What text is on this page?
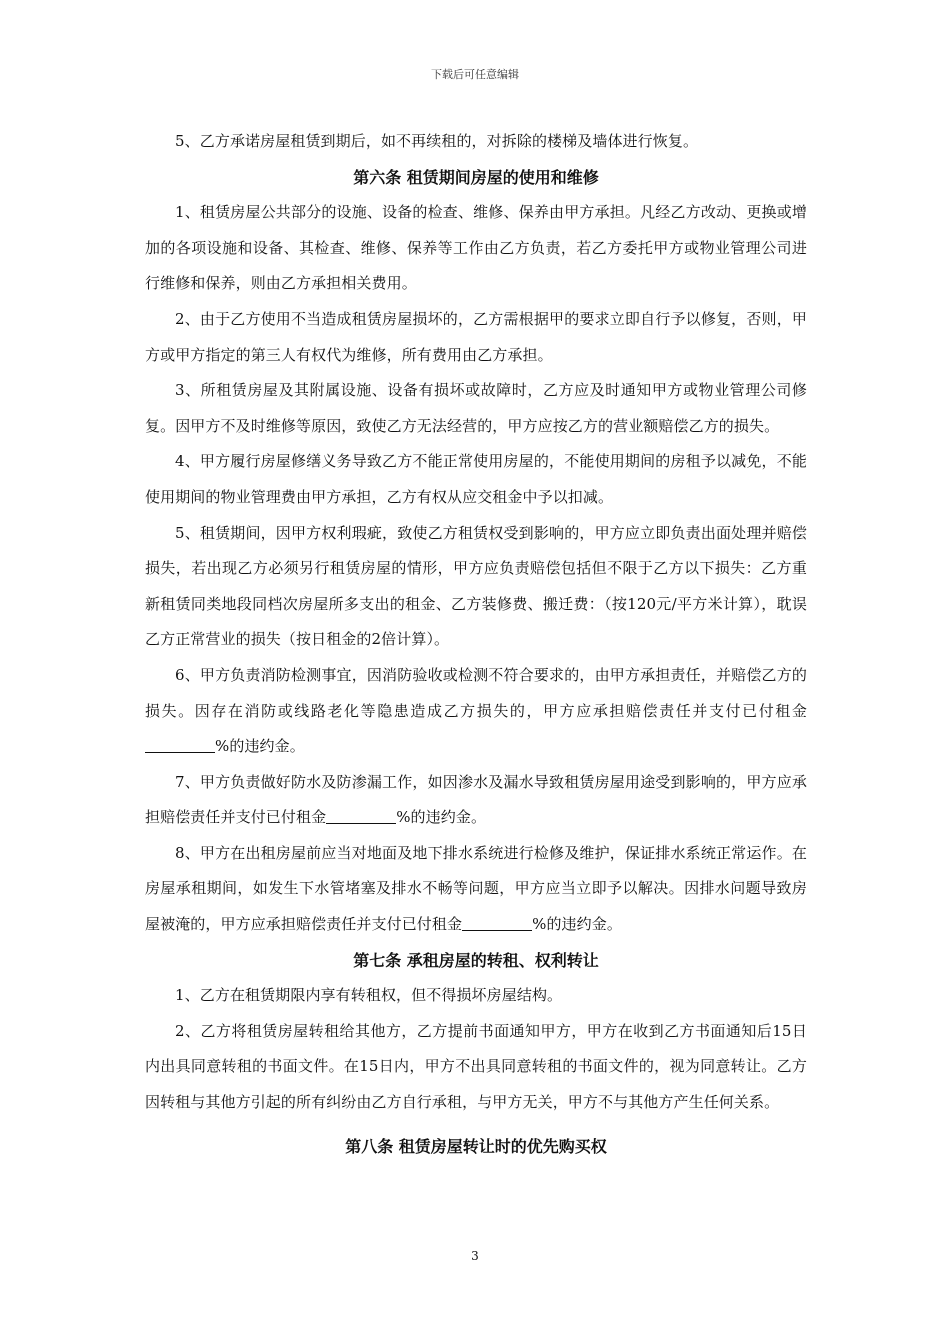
下载后可任意编辑

5、乙方承诺房屋租赁到期后，如不再续租的，对拆除的楼梯及墙体进行恢复。

第六条 租赁期间房屋的使用和维修

1、租赁房屋公共部分的设施、设备的检查、维修、保养由甲方承担。凡经乙方改动、更换或增加的各项设施和设备、其检查、维修、保养等工作由乙方负责，若乙方委托甲方或物业管理公司进行维修和保养，则由乙方承担相关费用。

2、由于乙方使用不当造成租赁房屋损坏的，乙方需根据甲的要求立即自行予以修复，否则，甲方或甲方指定的第三人有权代为维修，所有费用由乙方承担。

3、所租赁房屋及其附属设施、设备有损坏或故障时，乙方应及时通知甲方或物业管理公司修复。因甲方不及时维修等原因，致使乙方无法经营的，甲方应按乙方的营业额赔偿乙方的损失。

4、甲方履行房屋修缮义务导致乙方不能正常使用房屋的，不能使用期间的房租予以减免，不能使用期间的物业管理费由甲方承担，乙方有权从应交租金中予以扣减。

5、租赁期间，因甲方权利瑕疵，致使乙方租赁权受到影响的，甲方应立即负责出面处理并赔偿损失，若出现乙方必须另行租赁房屋的情形，甲方应负责赔偿包括但不限于乙方以下损失：乙方重新租赁同类地段同档次房屋所多支出的租金、乙方装修费、搬迁费：（按120元/平方米计算），耽误乙方正常营业的损失（按日租金的2倍计算）。

6、甲方负责消防检测事宜，因消防验收或检测不符合要求的，由甲方承担责任，并赔偿乙方的损失。因存在消防或线路老化等隐患造成乙方损失的，甲方应承担赔偿责任并支付已付租金%的违约金。

7、甲方负责做好防水及防渗漏工作，如因渗水及漏水导致租赁房屋用途受到影响的，甲方应承担赔偿责任并支付已付租金	%的违约金。

8、甲方在出租房屋前应当对地面及地下排水系统进行检修及维护，保证排水系统正常运作。在房屋承租期间，如发生下水管堵塞及排水不畅等问题，甲方应当立即予以解决。因排水问题导致房屋被淹的，甲方应承担赔偿责任并支付已付租金	%的违约金。

第七条 承租房屋的转租、权利转让

1、乙方在租赁期限内享有转租权，但不得损坏房屋结构。

2、乙方将租赁房屋转租给其他方，乙方提前书面通知甲方，甲方在收到乙方书面通知后15日内出具同意转租的书面文件。在15日内，甲方不出具同意转租的书面文件的，视为同意转让。乙方因转租与其他方引起的所有纠纷由乙方自行承租，与甲方无关，甲方不与其他方产生任何关系。

第八条 租赁房屋转让时的优先购买权

3
